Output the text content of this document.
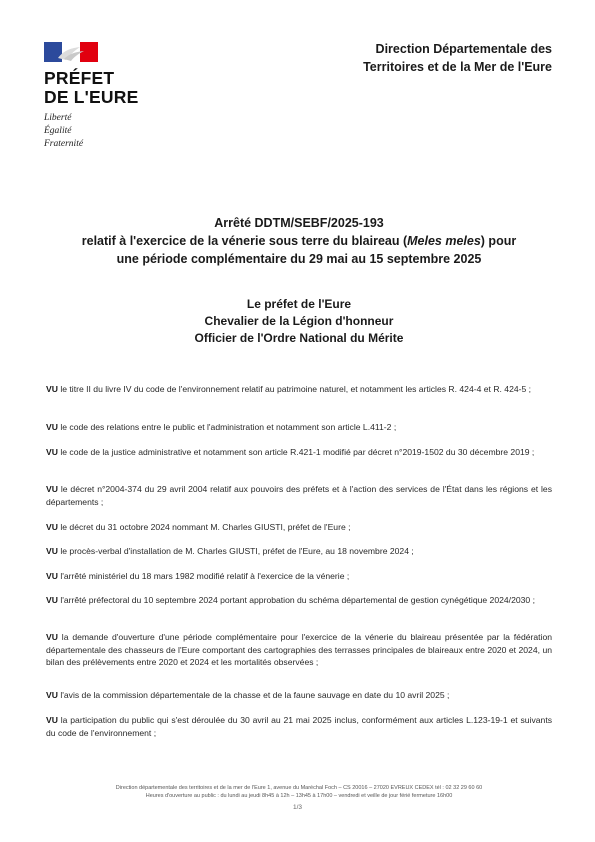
PRÉFET
DE L'EURE
Liberté
Égalité
Fraternité
Direction Départementale des
Territoires et de la Mer de l'Eure
Arrêté DDTM/SEBF/2025-193
relatif à l'exercice de la vénerie sous terre du blaireau (Meles meles) pour
une période complémentaire du 29 mai au 15 septembre 2025
Le préfet de l'Eure
Chevalier de la Légion d'honneur
Officier de l'Ordre National du Mérite
VU le titre II du livre IV du code de l'environnement relatif au patrimoine naturel, et notamment les articles R. 424-4 et R. 424-5 ;
VU le code des relations entre le public et l'administration et notamment son article L.411-2 ;
VU le code de la justice administrative et notamment son article R.421-1 modifié par décret n°2019-1502 du 30 décembre 2019 ;
VU le décret n°2004-374 du 29 avril 2004 relatif aux pouvoirs des préfets et à l'action des services de l'État dans les régions et les départements ;
VU le décret du 31 octobre 2024 nommant M. Charles GIUSTI, préfet de l'Eure ;
VU le procès-verbal d'installation de M. Charles GIUSTI, préfet de l'Eure, au 18 novembre 2024 ;
VU l'arrêté ministériel du 18 mars 1982 modifié relatif à l'exercice de la vénerie ;
VU l'arrêté préfectoral du 10 septembre 2024 portant approbation du schéma départemental de gestion cynégétique 2024/2030 ;
VU la demande d'ouverture d'une période complémentaire pour l'exercice de la vénerie du blaireau présentée par la fédération départementale des chasseurs de l'Eure comportant des cartographies des terrasses principales de blaireaux entre 2020 et 2024, un bilan des prélèvements entre 2020 et 2024 et les mortalités observées ;
VU l'avis de la commission départementale de la chasse et de la faune sauvage en date du 10 avril 2025 ;
VU la participation du public qui s'est déroulée du 30 avril au 21 mai 2025 inclus, conformément aux articles L.123-19-1 et suivants du code de l'environnement ;
Direction départementale des territoires et de la mer de l'Eure 1, avenue du Maréchal Foch – CS 20016 – 27020 EVREUX CEDEX tél : 02 32 29 60 60
Heures d'ouverture au public : du lundi au jeudi 8h45 à 12h – 13h45 à 17h00 – vendredi et veille de jour férié fermeture 16h00
1/3
